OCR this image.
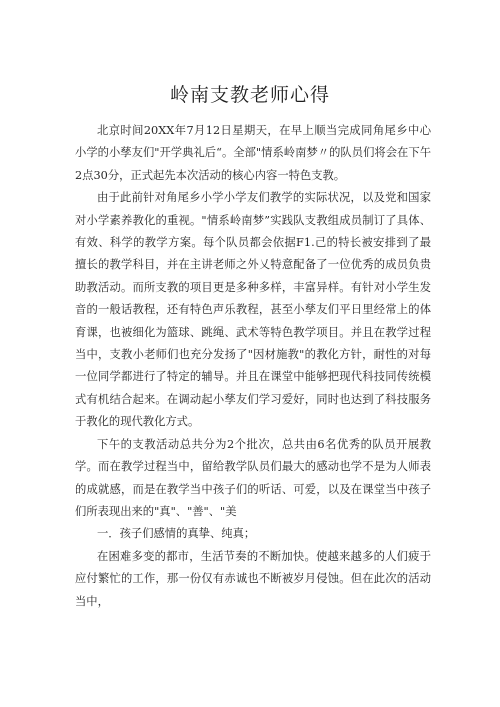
岭南支教老师心得

北京时间20XX年7月12日星期天，在早上顺当完成同角尾乡中心小学的小孳友们"开学典礼后“。全部"情系岭南梦〃的队员们将会在下午2点30分，正式起先本次活动的核心内容一特色支教。

由于此前针对角尾乡小学小学友们教学的实际状况，以及党和国家对小学素养教化的重视。"情系岭南梦”实践队支教组成员制订了具体、有效、科学的教学方案。每个队员都会依据F1.己的特长被安排到了最擅长的教学科目，并在主讲老师之外乂特意配备了一位优秀的成员负贵助教活动。而所支教的项目更是多种多样，丰富异样。有针对小学生发音的一般话教程，还有特色声乐教程，甚至小孳友们平日里经常上的体育课，也被细化为篮球、跳绳、武术等特色教学项目。并且在教学过程当中，支教小老师们也充分发扬了"因材施教"的教化方针，耐性的对每一位同学都进行了特定的辅导。并且在课堂中能够把现代科技同传统模式有机结合起来。在调动起小孳友们学习爱好，同时也达到了科技服务于教化的现代教化方式。

下午的支教活动总共分为2个批次，总共由6名优秀的队员开展教学。而在教学过程当中，留给教学队员们最大的感动也学不是为人师表的成就感，而是在教学当中孩子们的听话、可爱，以及在课堂当中孩子们所表现出来的"真"、"善"、"美

一．孩子们感情的真挚、纯真；

在困难多变的都市，生活节奏的不断加快。使越来越多的人们疲于应付繁忙的工作，那一份仅有赤诚也不断被岁月侵蚀。但在此次的活动当中，
